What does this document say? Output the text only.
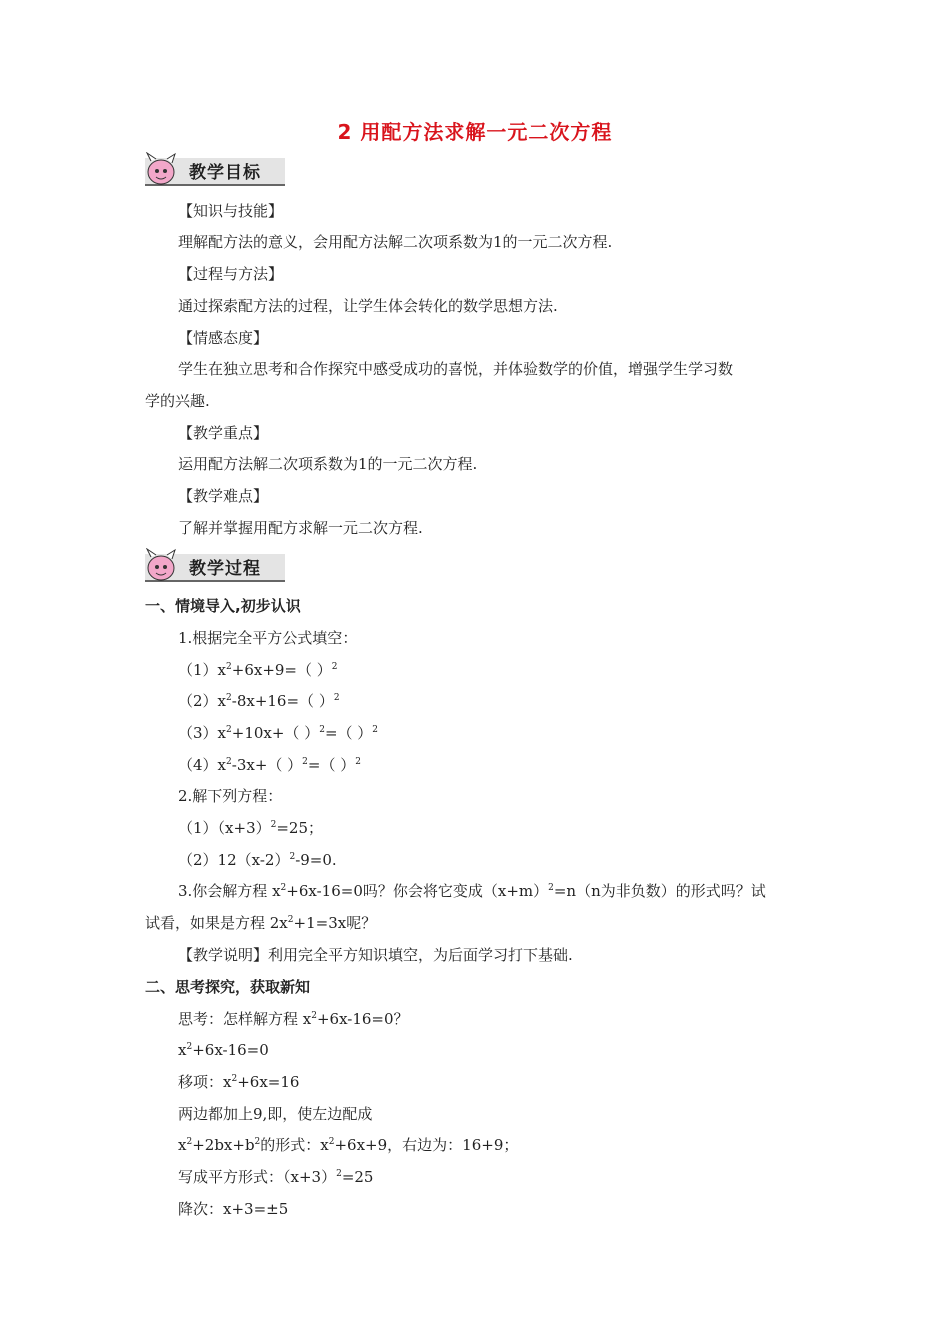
2 用配方法求解一元二次方程
教学目标
【知识与技能】
理解配方法的意义，会用配方法解二次项系数为1的一元二次方程.
【过程与方法】
通过探索配方法的过程，让学生体会转化的数学思想方法.
【情感态度】
学生在独立思考和合作探究中感受成功的喜悦，并体验数学的价值，增强学生学习数
学的兴趣.
【教学重点】
运用配方法解二次项系数为1的一元二次方程.
【教学难点】
了解并掌握用配方求解一元二次方程.
教学过程
一、情境导入,初步认识
1.根据完全平方公式填空：
$(1)x^2+6x+9=$（ ）$^2$
$(2)x^2-8x+16=$（ ）$^2$
$(3)x^2+10x+$（ ）$^2$=（ ）$^2$
$(4)x^2-3x+$（ ）$^2$=（ ）$^2$
2.解下列方程：
$(1)(x+3)^2=25$；
$(2)12(x-2)^2-9=0$.
3.你会解方程 $x^2+6x-16=0$吗？你会将它变成$(x+m)^2=n(n$为非负数）的形式吗？试
试看，如果是方程 $2x^2+1=3x$呢？
【教学说明】利用完全平方知识填空，为后面学习打下基础.
二、思考探究，获取新知
思考：怎样解方程 $x^2+6x-16=0$？
$x^2+6x-16=0$
移项：$x^2+6x=16$
两边都加上9,即，使左边配成
$x^2+2bx+b^2$的形式：$x^2+6x+9$，右边为：16+9；
写成平方形式：$(x+3)^2=25$
降次：x+3=±5
